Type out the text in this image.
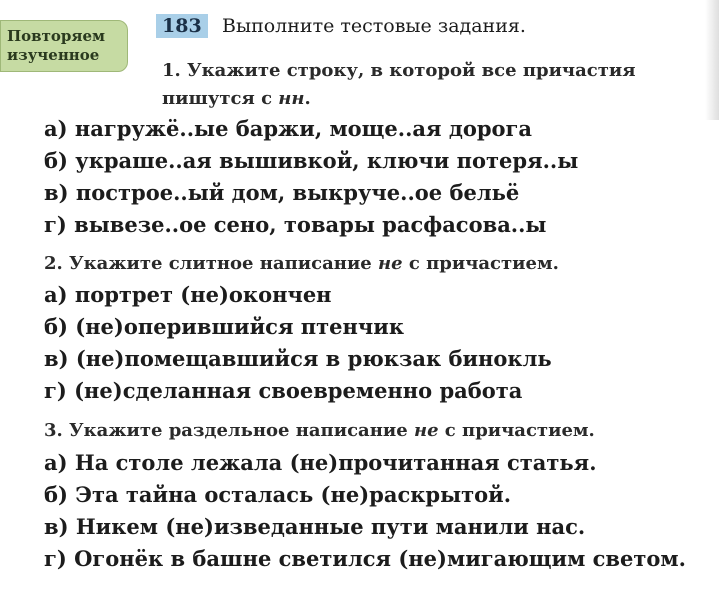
Повторяем
изученное
183	Выполните тестовые задания.
1. Укажите строку, в которой все причастия
пишутся с нн.
а) нагружё..ые баржи, моще..ая дорога
б) украше..ая вышивкой, ключи потеря..ы
в) построе..ый дом, выкруче..ое бельё
г) вывезе..ое сено, товары расфасова..ы
2. Укажите слитное написание не с причастием.
а) портрет (не)окончен
б) (не)оперившийся птенчик
в) (не)помещавшийся в рюкзак бинокль
г) (не)сделанная своевременно работа
3. Укажите раздельное написание не с причастием.
а) На столе лежала (не)прочитанная статья.
б) Эта тайна осталась (не)раскрытой.
в) Никем (не)изведанные пути манили нас.
г) Огонёк в башне светился (не)мигающим светом.
